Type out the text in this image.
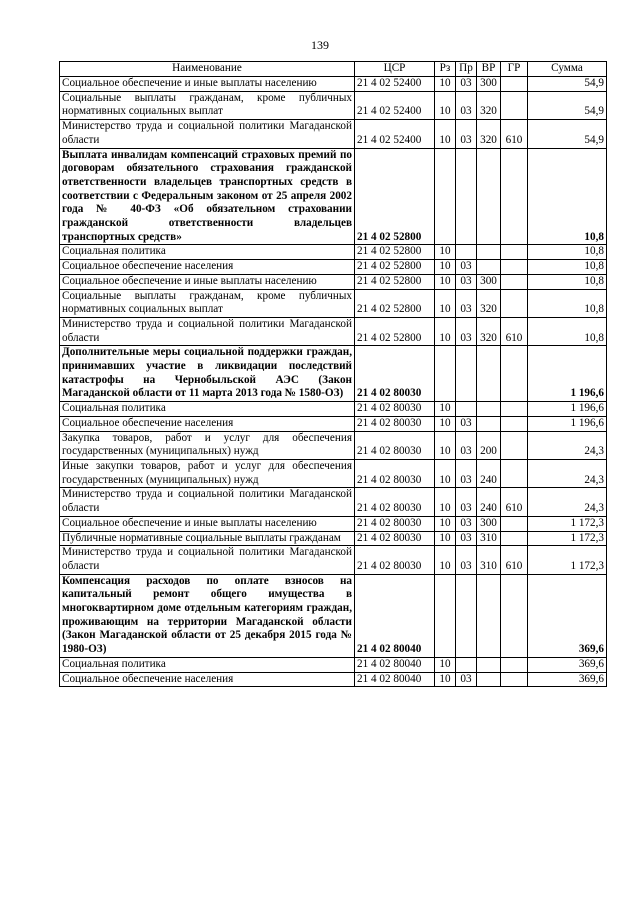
139
Наименование	ЦСР	Рз	Пр	ВР	ГР	Сумма
Социальное обеспечение и иные выплаты населению	21 4 02 52400	10	03	300		54,9
Социальные выплаты гражданам, кроме публичных нормативных социальных выплат	21 4 02 52400	10	03	320		54,9
Министерство труда и социальной политики Магаданской области	21 4 02 52400	10	03	320	610	54,9
Выплата инвалидам компенсаций страховых премий по договорам обязательного страхования гражданской ответственности владельцев транспортных средств в соответствии с Федеральным законом от 25 апреля 2002 года № 40-ФЗ «Об обязательном страховании гражданской ответственности владельцев транспортных средств»	21 4 02 52800					10,8
Социальная политика	21 4 02 52800	10				10,8
Социальное обеспечение населения	21 4 02 52800	10	03			10,8
Социальное обеспечение и иные выплаты населению	21 4 02 52800	10	03	300		10,8
Социальные выплаты гражданам, кроме публичных нормативных социальных выплат	21 4 02 52800	10	03	320		10,8
Министерство труда и социальной политики Магаданской области	21 4 02 52800	10	03	320	610	10,8
Дополнительные меры социальной поддержки граждан, принимавших участие в ликвидации последствий катастрофы на Чернобыльской АЭС (Закон Магаданской области от 11 марта 2013 года № 1580-ОЗ)	21 4 02 80030					1 196,6
Социальная политика	21 4 02 80030	10				1 196,6
Социальное обеспечение населения	21 4 02 80030	10	03			1 196,6
Закупка товаров, работ и услуг для обеспечения государственных (муниципальных) нужд	21 4 02 80030	10	03	200		24,3
Иные закупки товаров, работ и услуг для обеспечения государственных (муниципальных) нужд	21 4 02 80030	10	03	240		24,3
Министерство труда и социальной политики Магаданской области	21 4 02 80030	10	03	240	610	24,3
Социальное обеспечение и иные выплаты населению	21 4 02 80030	10	03	300		1 172,3
Публичные нормативные социальные выплаты гражданам	21 4 02 80030	10	03	310		1 172,3
Министерство труда и социальной политики Магаданской области	21 4 02 80030	10	03	310	610	1 172,3
Компенсация расходов по оплате взносов на капитальный ремонт общего имущества в многоквартирном доме отдельным категориям граждан, проживающим на территории Магаданской области (Закон Магаданской области от 25 декабря 2015 года № 1980-ОЗ)	21 4 02 80040					369,6
Социальная политика	21 4 02 80040	10				369,6
Социальное обеспечение населения	21 4 02 80040	10	03			369,6
